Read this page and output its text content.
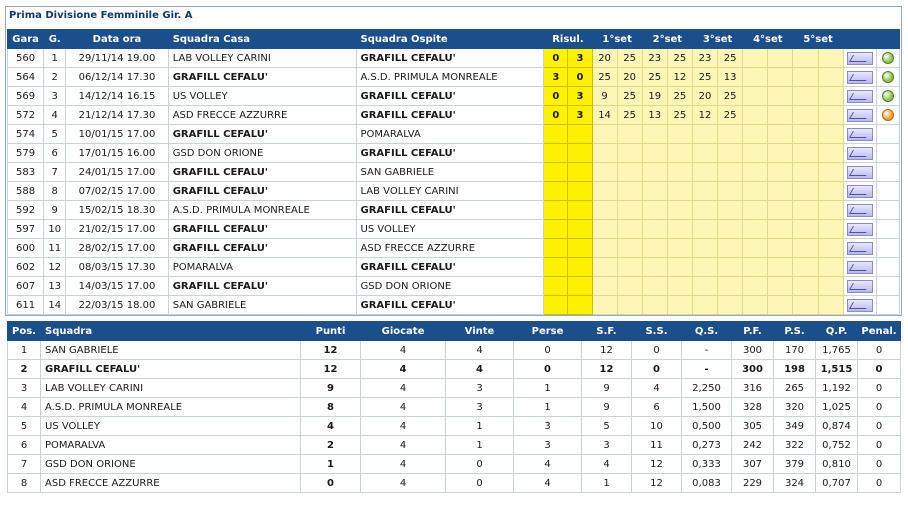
Prima Divisione Femminile Gir. A
Gara	G.	Data ora	Squadra Casa	Squadra Ospite	Risul.		1°set		2°set		3°set		4°set		5°set			
560	1	29/11/14 19.00	LAB VOLLEY CARINI	GRAFILL CEFALU'	0	3	20	25	23	25	23	25						
564	2	06/12/14 17.30	GRAFILL CEFALU'	A.S.D. PRIMULA MONREALE	3	0	25	20	25	12	25	13						
569	3	14/12/14 16.15	US VOLLEY	GRAFILL CEFALU'	0	3	9	25	19	25	20	25						
572	4	21/12/14 17.30	ASD FRECCE AZZURRE	GRAFILL CEFALU'	0	3	14	25	13	25	12	25						
574	5	10/01/15 17.00	GRAFILL CEFALU'	POMARALVA														
579	6	17/01/15 16.00	GSD DON ORIONE	GRAFILL CEFALU'														
583	7	24/01/15 17.00	GRAFILL CEFALU'	SAN GABRIELE														
588	8	07/02/15 17.00	GRAFILL CEFALU'	LAB VOLLEY CARINI														
592	9	15/02/15 18.30	A.S.D. PRIMULA MONREALE	GRAFILL CEFALU'														
597	10	21/02/15 17.00	GRAFILL CEFALU'	US VOLLEY														
600	11	28/02/15 17.00	GRAFILL CEFALU'	ASD FRECCE AZZURRE														
602	12	08/03/15 17.30	POMARALVA	GRAFILL CEFALU'														
607	13	14/03/15 17.00	GRAFILL CEFALU'	GSD DON ORIONE														
611	14	22/03/15 18.00	SAN GABRIELE	GRAFILL CEFALU'														
Pos.	Squadra	Punti	Giocate	Vinte	Perse	S.F.	S.S.	Q.S.	P.F.	P.S.	Q.P.	Penal.
1	SAN GABRIELE	12	4	4	0	12	0	-	300	170	1,765	0
2	GRAFILL CEFALU'	12	4	4	0	12	0	-	300	198	1,515	0
3	LAB VOLLEY CARINI	9	4	3	1	9	4	2,250	316	265	1,192	0
4	A.S.D. PRIMULA MONREALE	8	4	3	1	9	6	1,500	328	320	1,025	0
5	US VOLLEY	4	4	1	3	5	10	0,500	305	349	0,874	0
6	POMARALVA	2	4	1	3	3	11	0,273	242	322	0,752	0
7	GSD DON ORIONE	1	4	0	4	4	12	0,333	307	379	0,810	0
8	ASD FRECCE AZZURRE	0	4	0	4	1	12	0,083	229	324	0,707	0
